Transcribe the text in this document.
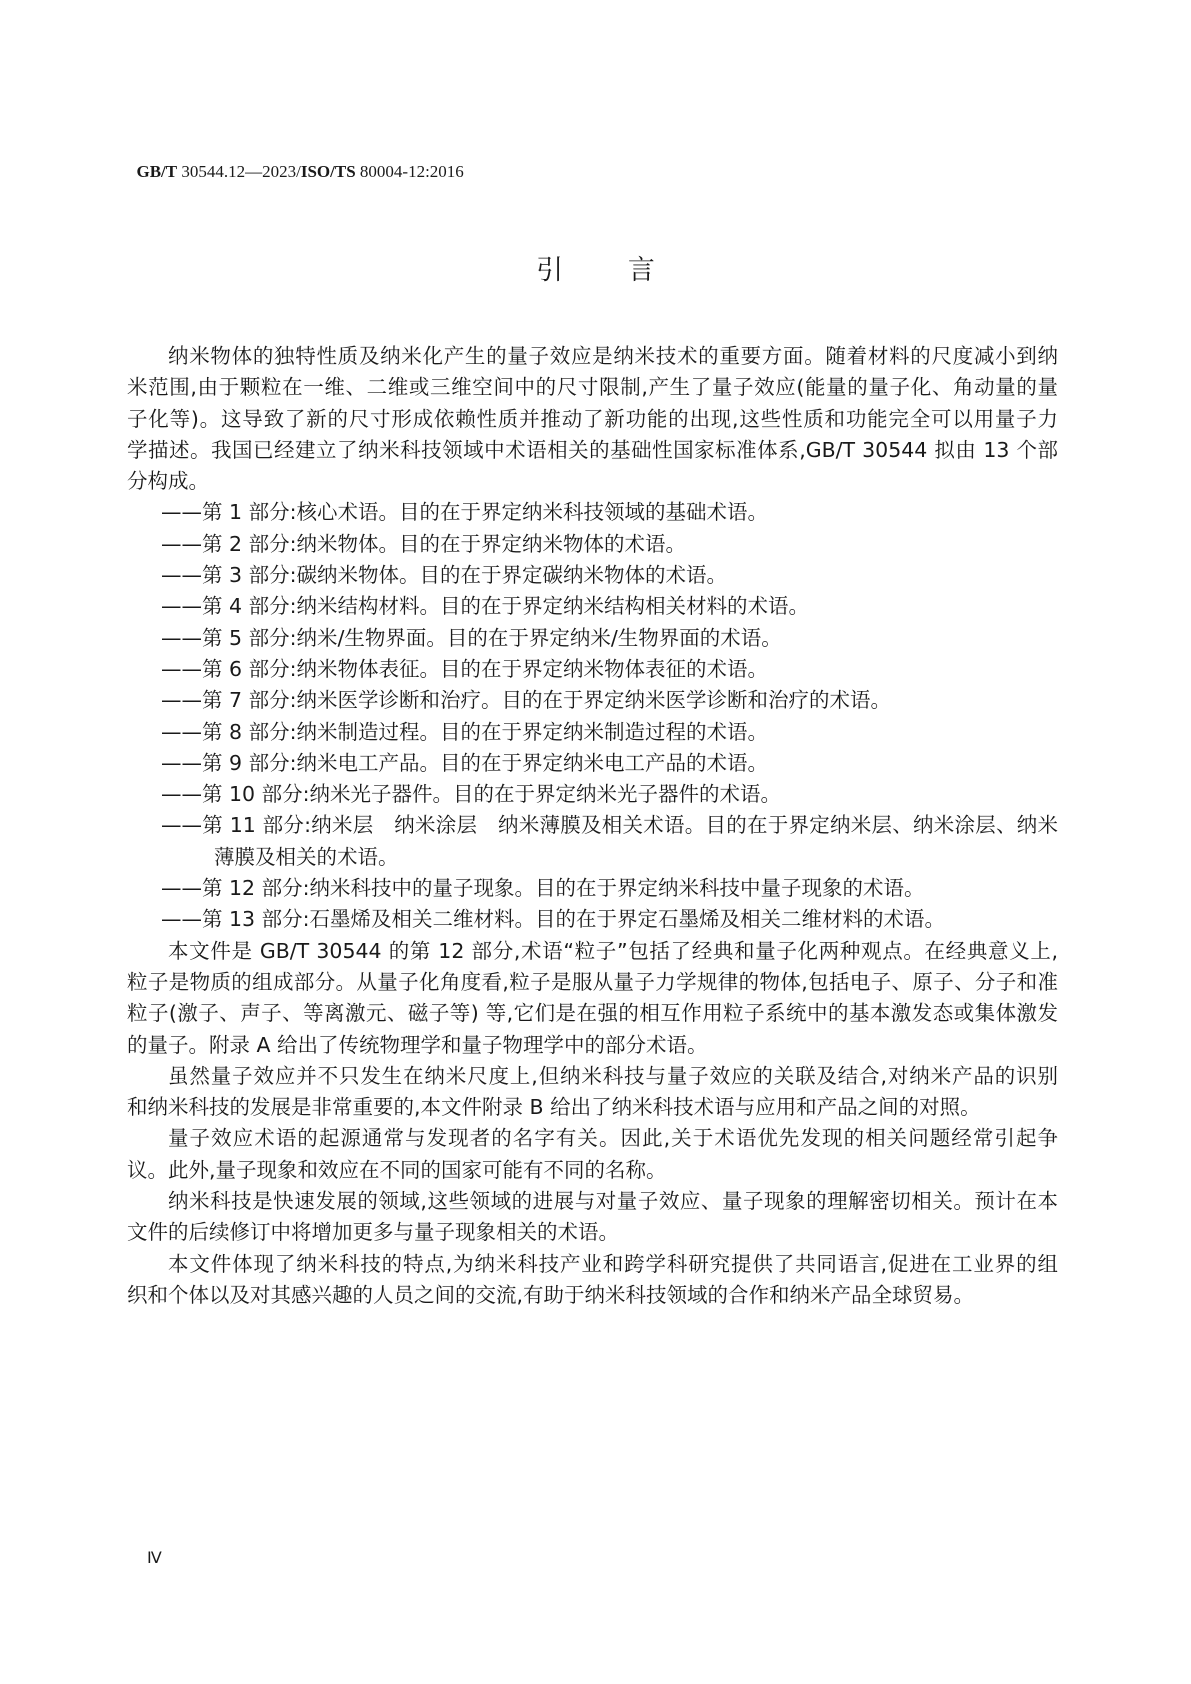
GB/T 30544.12—2023/ISO/TS 80004-12:2016

引言
纳米物体的独特性质及纳米化产生的量子效应是纳米技术的重要方面。随着材料的尺度减小到纳
米范围,由于颗粒在一维、二维或三维空间中的尺寸限制,产生了量子效应(能量的量子化、角动量的量
子化等)。这导致了新的尺寸形成依赖性质并推动了新功能的出现,这些性质和功能完全可以用量子力
学描述。我国已经建立了纳米科技领域中术语相关的基础性国家标准体系,GB/T 30544 拟由 13 个部
分构成。
——第 1 部分:核心术语。目的在于界定纳米科技领域的基础术语。
——第 2 部分:纳米物体。目的在于界定纳米物体的术语。
——第 3 部分:碳纳米物体。目的在于界定碳纳米物体的术语。
——第 4 部分:纳米结构材料。目的在于界定纳米结构相关材料的术语。
——第 5 部分:纳米/生物界面。目的在于界定纳米/生物界面的术语。
——第 6 部分:纳米物体表征。目的在于界定纳米物体表征的术语。
——第 7 部分:纳米医学诊断和治疗。目的在于界定纳米医学诊断和治疗的术语。
——第 8 部分:纳米制造过程。目的在于界定纳米制造过程的术语。
——第 9 部分:纳米电工产品。目的在于界定纳米电工产品的术语。
——第 10 部分:纳米光子器件。目的在于界定纳米光子器件的术语。
——第 11 部分:纳米层　纳米涂层　纳米薄膜及相关术语。目的在于界定纳米层、纳米涂层、纳米
薄膜及相关的术语。
——第 12 部分:纳米科技中的量子现象。目的在于界定纳米科技中量子现象的术语。
——第 13 部分:石墨烯及相关二维材料。目的在于界定石墨烯及相关二维材料的术语。
本文件是 GB/T 30544 的第 12 部分,术语“粒子”包括了经典和量子化两种观点。在经典意义上,
粒子是物质的组成部分。从量子化角度看,粒子是服从量子力学规律的物体,包括电子、原子、分子和准
粒子(激子、声子、等离激元、磁子等) 等,它们是在强的相互作用粒子系统中的基本激发态或集体激发
的量子。附录 A 给出了传统物理学和量子物理学中的部分术语。
虽然量子效应并不只发生在纳米尺度上,但纳米科技与量子效应的关联及结合,对纳米产品的识别
和纳米科技的发展是非常重要的,本文件附录 B 给出了纳米科技术语与应用和产品之间的对照。
量子效应术语的起源通常与发现者的名字有关。因此,关于术语优先发现的相关问题经常引起争
议。此外,量子现象和效应在不同的国家可能有不同的名称。
纳米科技是快速发展的领域,这些领域的进展与对量子效应、量子现象的理解密切相关。预计在本
文件的后续修订中将增加更多与量子现象相关的术语。
本文件体现了纳米科技的特点,为纳米科技产业和跨学科研究提供了共同语言,促进在工业界的组
织和个体以及对其感兴趣的人员之间的交流,有助于纳米科技领域的合作和纳米产品全球贸易。
Ⅳ
